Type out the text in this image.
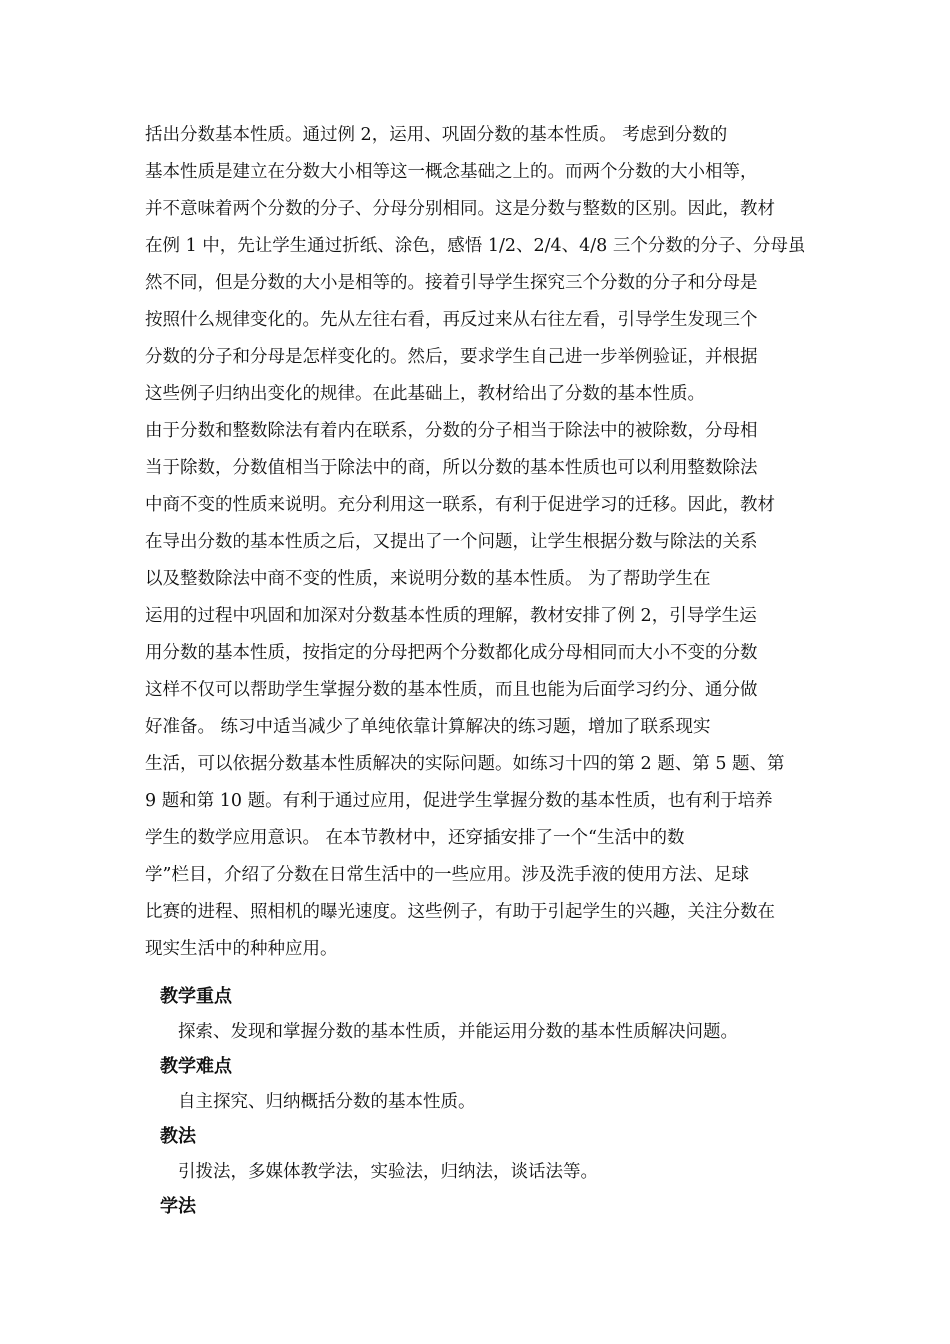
括出分数基本性质。通过例 2，运用、巩固分数的基本性质。 考虑到分数的
基本性质是建立在分数大小相等这一概念基础之上的。而两个分数的大小相等，
并不意味着两个分数的分子、分母分别相同。这是分数与整数的区别。因此，教材
在例 1 中，先让学生通过折纸、涂色，感悟 1/2、2/4、4/8 三个分数的分子、分母虽
然不同，但是分数的大小是相等的。接着引导学生探究三个分数的分子和分母是
按照什么规律变化的。先从左往右看，再反过来从右往左看，引导学生发现三个
分数的分子和分母是怎样变化的。然后，要求学生自己进一步举例验证，并根据
这些例子归纳出变化的规律。在此基础上，教材给出了分数的基本性质。
由于分数和整数除法有着内在联系，分数的分子相当于除法中的被除数，分母相
当于除数，分数值相当于除法中的商，所以分数的基本性质也可以利用整数除法
中商不变的性质来说明。充分利用这一联系，有利于促进学习的迁移。因此，教材
在导出分数的基本性质之后，又提出了一个问题，让学生根据分数与除法的关系
以及整数除法中商不变的性质，来说明分数的基本性质。 为了帮助学生在
运用的过程中巩固和加深对分数基本性质的理解，教材安排了例 2，引导学生运
用分数的基本性质，按指定的分母把两个分数都化成分母相同而大小不变的分数
这样不仅可以帮助学生掌握分数的基本性质，而且也能为后面学习约分、通分做
好准备。 练习中适当减少了单纯依靠计算解决的练习题，增加了联系现实
生活，可以依据分数基本性质解决的实际问题。如练习十四的第 2 题、第 5 题、第
9 题和第 10 题。有利于通过应用，促进学生掌握分数的基本性质，也有利于培养
学生的数学应用意识。 在本节教材中，还穿插安排了一个“生活中的数
学”栏目，介绍了分数在日常生活中的一些应用。涉及洗手液的使用方法、足球
比赛的进程、照相机的曝光速度。这些例子，有助于引起学生的兴趣，关注分数在
现实生活中的种种应用。
教学重点
探索、发现和掌握分数的基本性质，并能运用分数的基本性质解决问题。
教学难点
自主探究、归纳概括分数的基本性质。
教法
引拨法，多媒体教学法，实验法，归纳法，谈话法等。
学法
